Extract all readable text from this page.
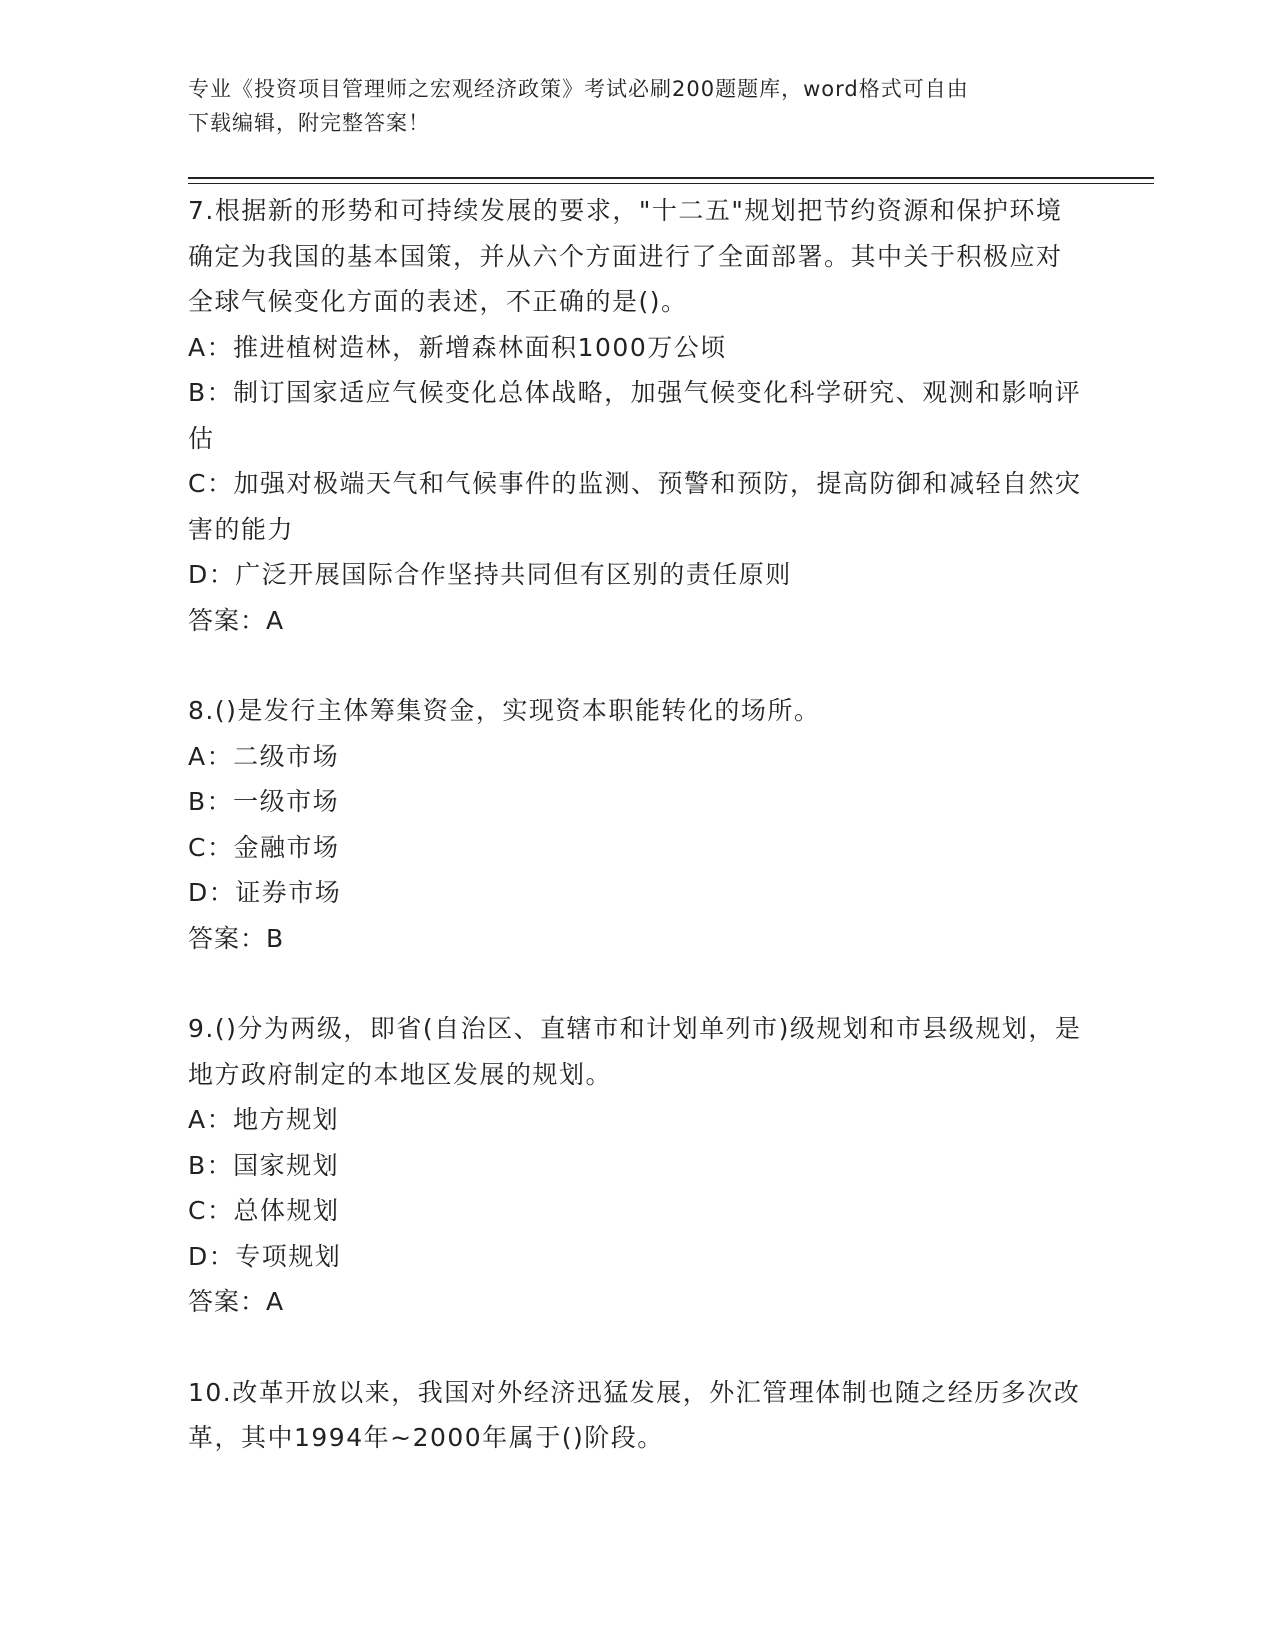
专业《投资项目管理师之宏观经济政策》考试必刷200题题库，word格式可自由
下载编辑，附完整答案！

7.根据新的形势和可持续发展的要求，"十二五"规划把节约资源和保护环境确定为我国的基本国策，并从六个方面进行了全面部署。其中关于积极应对全球气候变化方面的表述，不正确的是()。

A：推进植树造林，新增森林面积1000万公顷

B：制订国家适应气候变化总体战略，加强气候变化科学研究、观测和影响评估

C：加强对极端天气和气候事件的监测、预警和预防，提高防御和减轻自然灾害的能力

D：广泛开展国际合作坚持共同但有区别的责任原则

答案：A

8.()是发行主体筹集资金，实现资本职能转化的场所。

A：二级市场

B：一级市场

C：金融市场

D：证券市场

答案：B

9.()分为两级，即省(自治区、直辖市和计划单列市)级规划和市县级规划，是地方政府制定的本地区发展的规划。

A：地方规划

B：国家规划

C：总体规划

D：专项规划

答案：A

10.改革开放以来，我国对外经济迅猛发展，外汇管理体制也随之经历多次改革，其中1994年~2000年属于()阶段。
